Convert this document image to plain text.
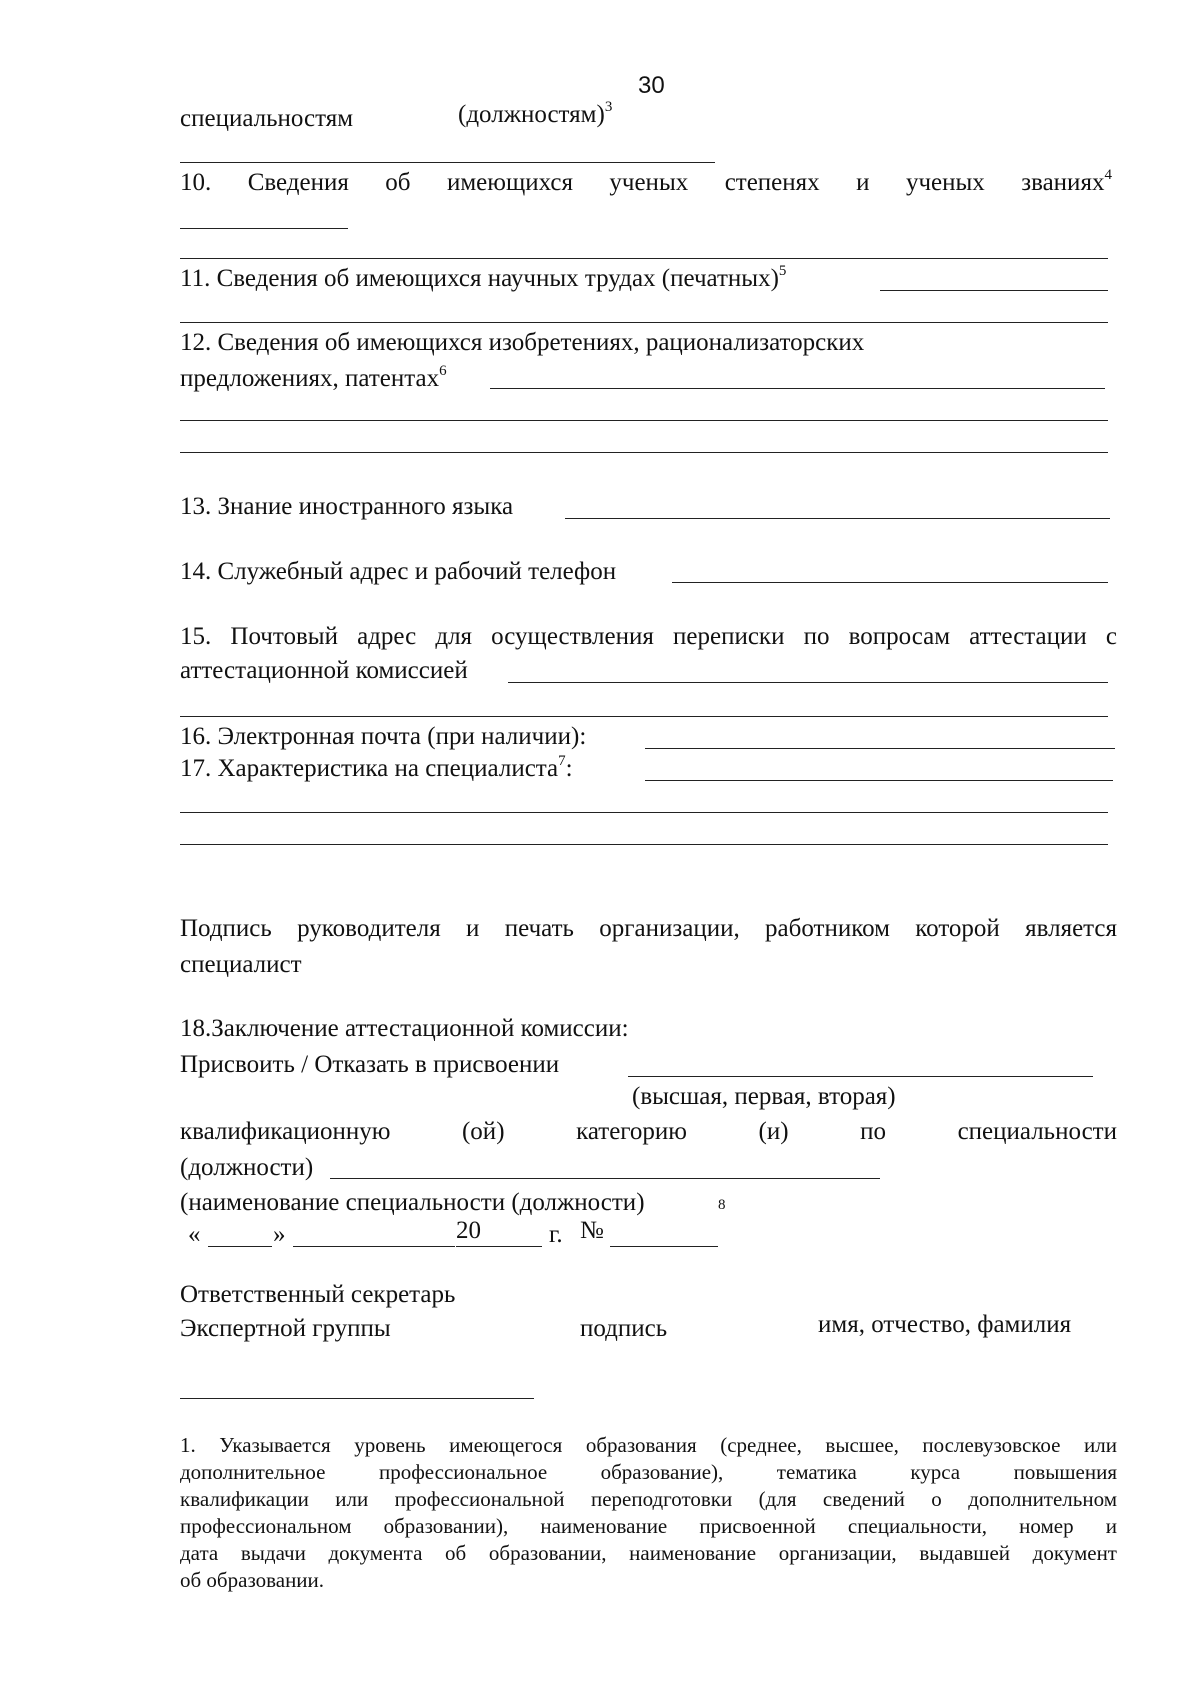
30
специальностям	(должностям)$^3$
10. Сведения об имеющихся ученых степенях и ученых званиях$^4$
11. Сведения об имеющихся научных трудах (печатных)$^5$
12. Сведения об имеющихся изобретениях, рационализаторских
предложениях, патентах$^6$
13. Знание иностранного языка
14. Служебный адрес и рабочий телефон
15. Почтовый адрес для осуществления переписки по вопросам аттестации с
аттестационной комиссией
16. Электронная почта (при наличии):
17. Характеристика на специалиста$^7$:
Подпись руководителя и печать организации, работником которой является
специалист
18.Заключение аттестационной комиссии:
Присвоить / Отказать в присвоении
(высшая, первая, вторая)
квалификационную	(ой)	категорию	(и)	по	специальности
(должности)
(наименование специальности (должности)
«	»	20	г. №
$^8$
Ответственный секретарь
Экспертной группы	подпись	имя, отчество, фамилия
1. Указывается уровень имеющегося образования (среднее, высшее, послевузовское или
дополнительное профессиональное образование), тематика курса повышения
квалификации или профессиональной переподготовки (для сведений о дополнительном
профессиональном образовании), наименование присвоенной специальности, номер и
дата выдачи документа об образовании, наименование организации, выдавшей документ
об образовании.
